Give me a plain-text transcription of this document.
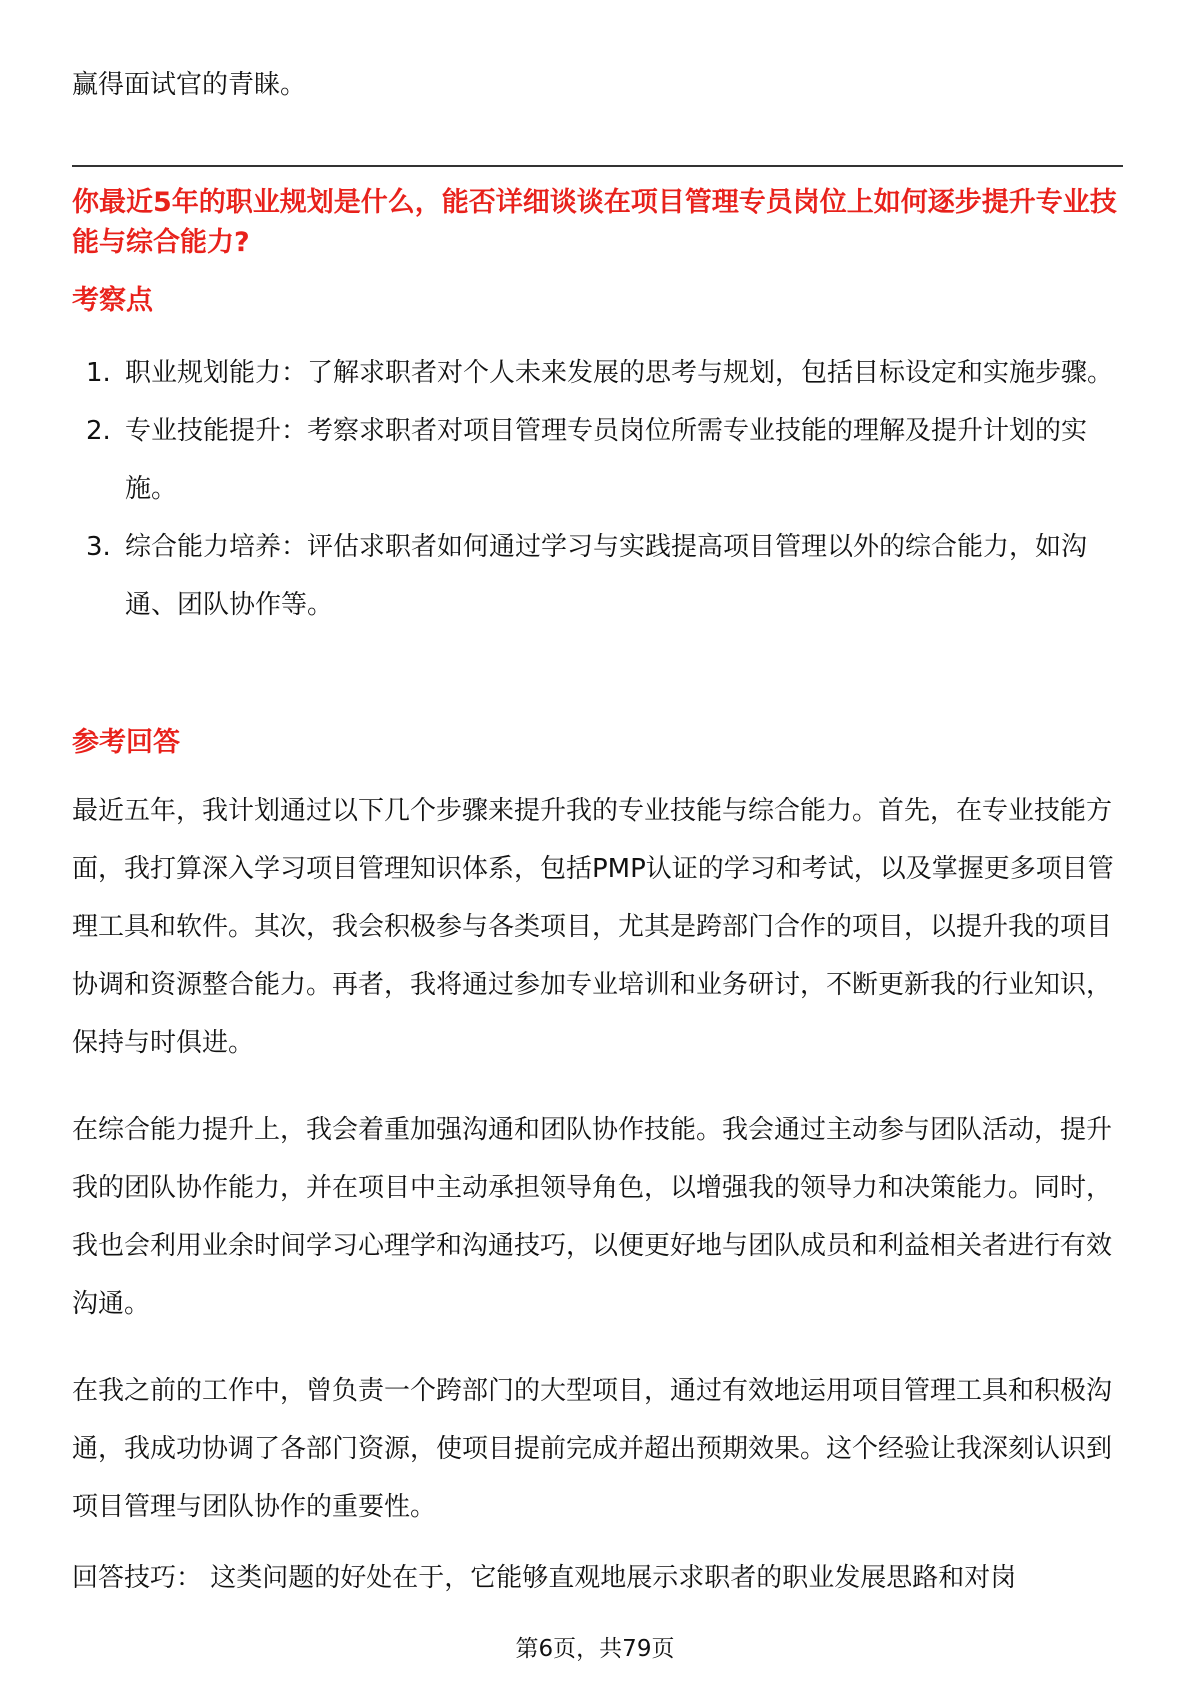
赢得面试官的青睐。
你最近5年的职业规划是什么，能否详细谈谈在项目管理专员岗位上如何逐步提升专业技能与综合能力?
考察点
1. 职业规划能力：了解求职者对个人未来发展的思考与规划，包括目标设定和实施步骤。
2. 专业技能提升：考察求职者对项目管理专员岗位所需专业技能的理解及提升计划的实施。
3. 综合能力培养：评估求职者如何通过学习与实践提高项目管理以外的综合能力，如沟通、团队协作等。
参考回答
最近五年，我计划通过以下几个步骤来提升我的专业技能与综合能力。首先，在专业技能方面，我打算深入学习项目管理知识体系，包括PMP认证的学习和考试，以及掌握更多项目管理工具和软件。其次，我会积极参与各类项目，尤其是跨部门合作的项目，以提升我的项目协调和资源整合能力。再者，我将通过参加专业培训和业务研讨，不断更新我的行业知识，保持与时俱进。
在综合能力提升上，我会着重加强沟通和团队协作技能。我会通过主动参与团队活动，提升我的团队协作能力，并在项目中主动承担领导角色，以增强我的领导力和决策能力。同时，我也会利用业余时间学习心理学和沟通技巧，以便更好地与团队成员和利益相关者进行有效沟通。
在我之前的工作中，曾负责一个跨部门的大型项目，通过有效地运用项目管理工具和积极沟通，我成功协调了各部门资源，使项目提前完成并超出预期效果。这个经验让我深刻认识到项目管理与团队协作的重要性。
回答技巧： 这类问题的好处在于，它能够直观地展示求职者的职业发展思路和对岗
第6页，共79页
